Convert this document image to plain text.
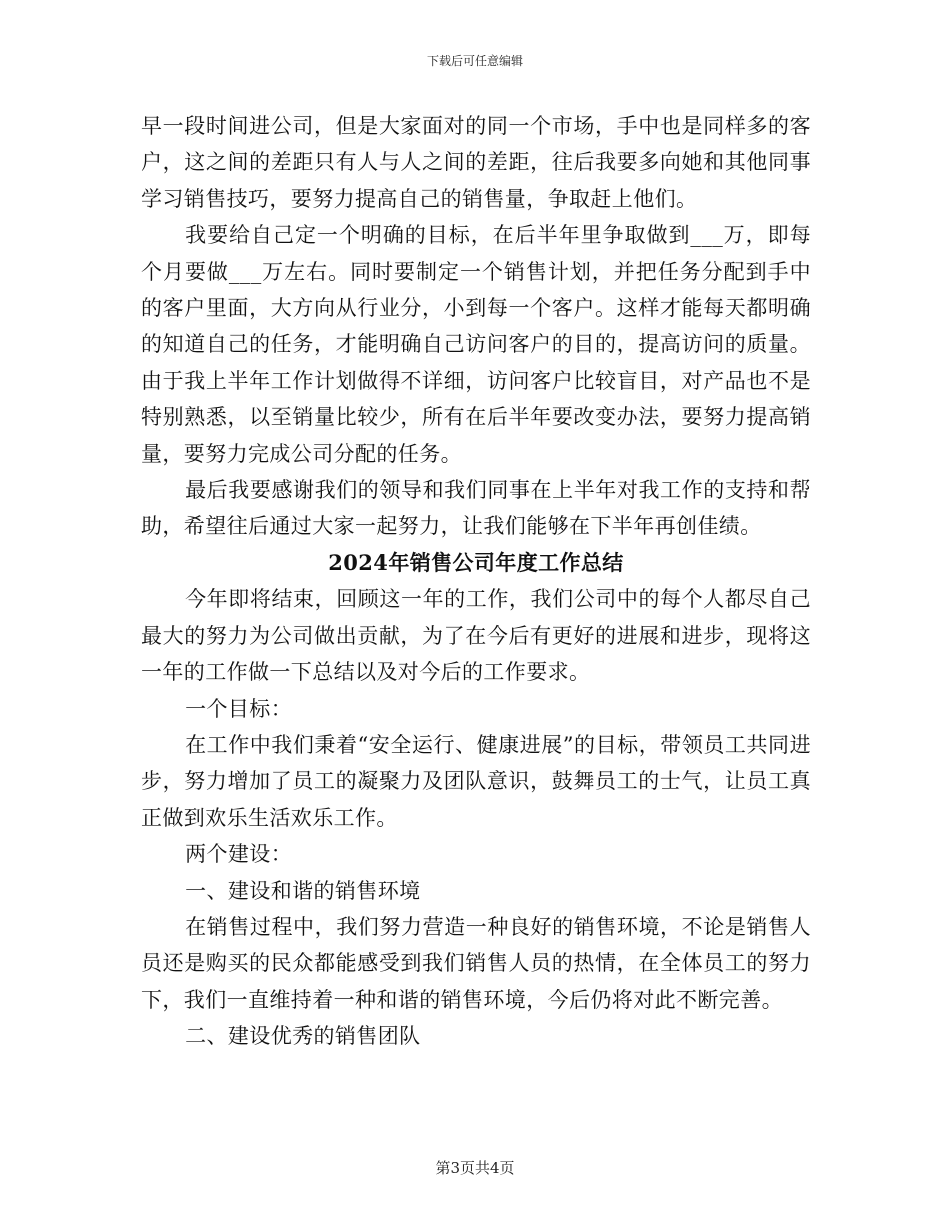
下载后可任意编辑

早一段时间进公司，但是大家面对的同一个市场，手中也是同样多的客户，这之间的差距只有人与人之间的差距，往后我要多向她和其他同事学习销售技巧，要努力提高自己的销售量，争取赶上他们。

我要给自己定一个明确的目标，在后半年里争取做到___万，即每个月要做___万左右。同时要制定一个销售计划，并把任务分配到手中的客户里面，大方向从行业分，小到每一个客户。这样才能每天都明确的知道自己的任务，才能明确自己访问客户的目的，提高访问的质量。由于我上半年工作计划做得不详细，访问客户比较盲目，对产品也不是特别熟悉，以至销量比较少，所有在后半年要改变办法，要努力提高销量，要努力完成公司分配的任务。

最后我要感谢我们的领导和我们同事在上半年对我工作的支持和帮助，希望往后通过大家一起努力，让我们能够在下半年再创佳绩。

2024年销售公司年度工作总结

今年即将结束，回顾这一年的工作，我们公司中的每个人都尽自己最大的努力为公司做出贡献，为了在今后有更好的进展和进步，现将这一年的工作做一下总结以及对今后的工作要求。

一个目标：

在工作中我们秉着“安全运行、健康进展”的目标，带领员工共同进步，努力增加了员工的凝聚力及团队意识，鼓舞员工的士气，让员工真正做到欢乐生活欢乐工作。

两个建设：

一、建设和谐的销售环境

在销售过程中，我们努力营造一种良好的销售环境，不论是销售人员还是购买的民众都能感受到我们销售人员的热情，在全体员工的努力下，我们一直维持着一种和谐的销售环境，今后仍将对此不断完善。

二、建设优秀的销售团队

第3页共4页
